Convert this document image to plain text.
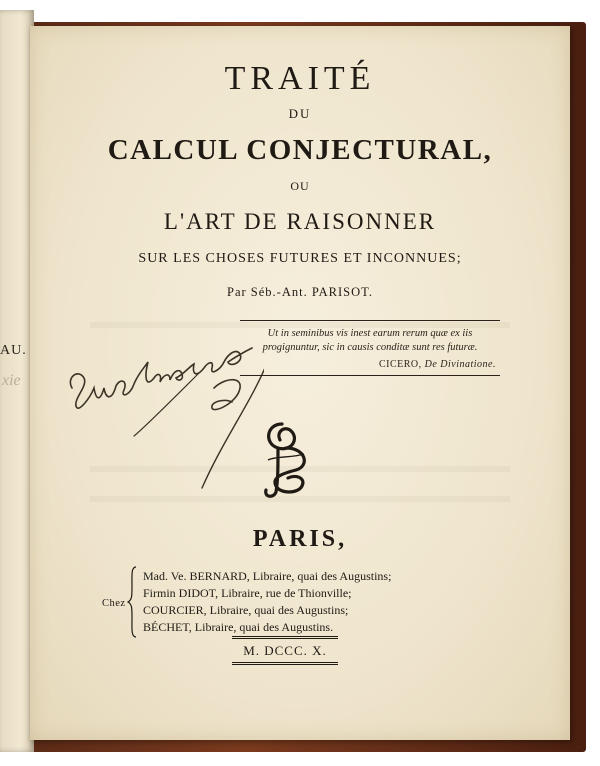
AU.
xie
TRAITÉ
DU
CALCUL CONJECTURAL,
OU
L'ART DE RAISONNER
SUR LES CHOSES FUTURES ET INCONNUES;
Par Séb.-Ant. PARISOT.
Ut in seminibus vis inest earum rerum quæ ex iis
progignuntur, sic in causis conditæ sunt res futuræ.
CICERO, De Divinatione.
PARIS,
Chez
Mad. Ve. BERNARD, Libraire, quai des Augustins;
Firmin DIDOT, Libraire, rue de Thionville;
COURCIER, Libraire, quai des Augustins;
BÉCHET, Libraire, quai des Augustins.
M. DCCC. X.
